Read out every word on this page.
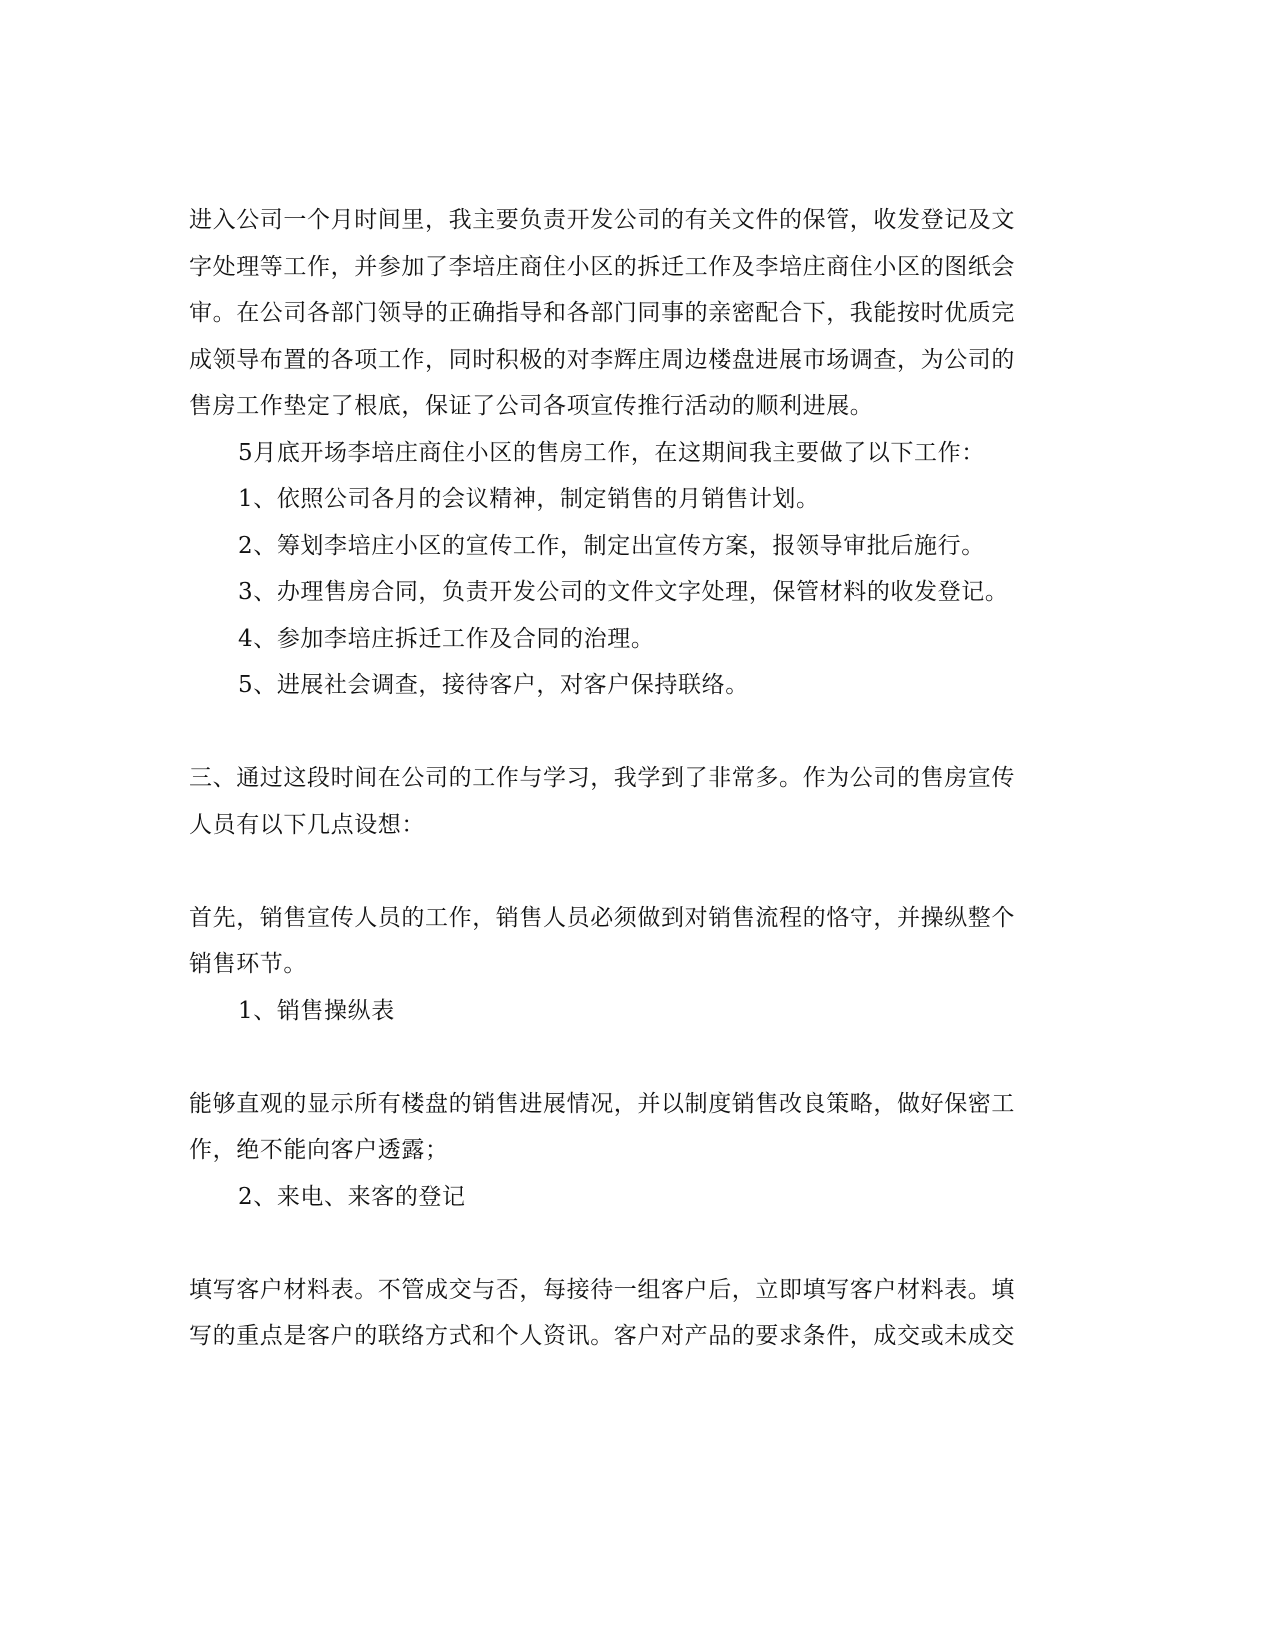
进入公司一个月时间里，我主要负责开发公司的有关文件的保管，收发登记及文
字处理等工作，并参加了李培庄商住小区的拆迁工作及李培庄商住小区的图纸会
审。在公司各部门领导的正确指导和各部门同事的亲密配合下，我能按时优质完
成领导布置的各项工作，同时积极的对李辉庄周边楼盘进展市场调查，为公司的
售房工作垫定了根底，保证了公司各项宣传推行活动的顺利进展。
5月底开场李培庄商住小区的售房工作，在这期间我主要做了以下工作：
1、依照公司各月的会议精神，制定销售的月销售计划。
2、筹划李培庄小区的宣传工作，制定出宣传方案，报领导审批后施行。
3、办理售房合同，负责开发公司的文件文字处理，保管材料的收发登记。
4、参加李培庄拆迁工作及合同的治理。
5、进展社会调查，接待客户，对客户保持联络。
三、通过这段时间在公司的工作与学习，我学到了非常多。作为公司的售房宣传
人员有以下几点设想：
首先，销售宣传人员的工作，销售人员必须做到对销售流程的恪守，并操纵整个
销售环节。
1、销售操纵表
能够直观的显示所有楼盘的销售进展情况，并以制度销售改良策略，做好保密工
作，绝不能向客户透露；
2、来电、来客的登记
填写客户材料表。不管成交与否，每接待一组客户后，立即填写客户材料表。填
写的重点是客户的联络方式和个人资讯。客户对产品的要求条件，成交或未成交
